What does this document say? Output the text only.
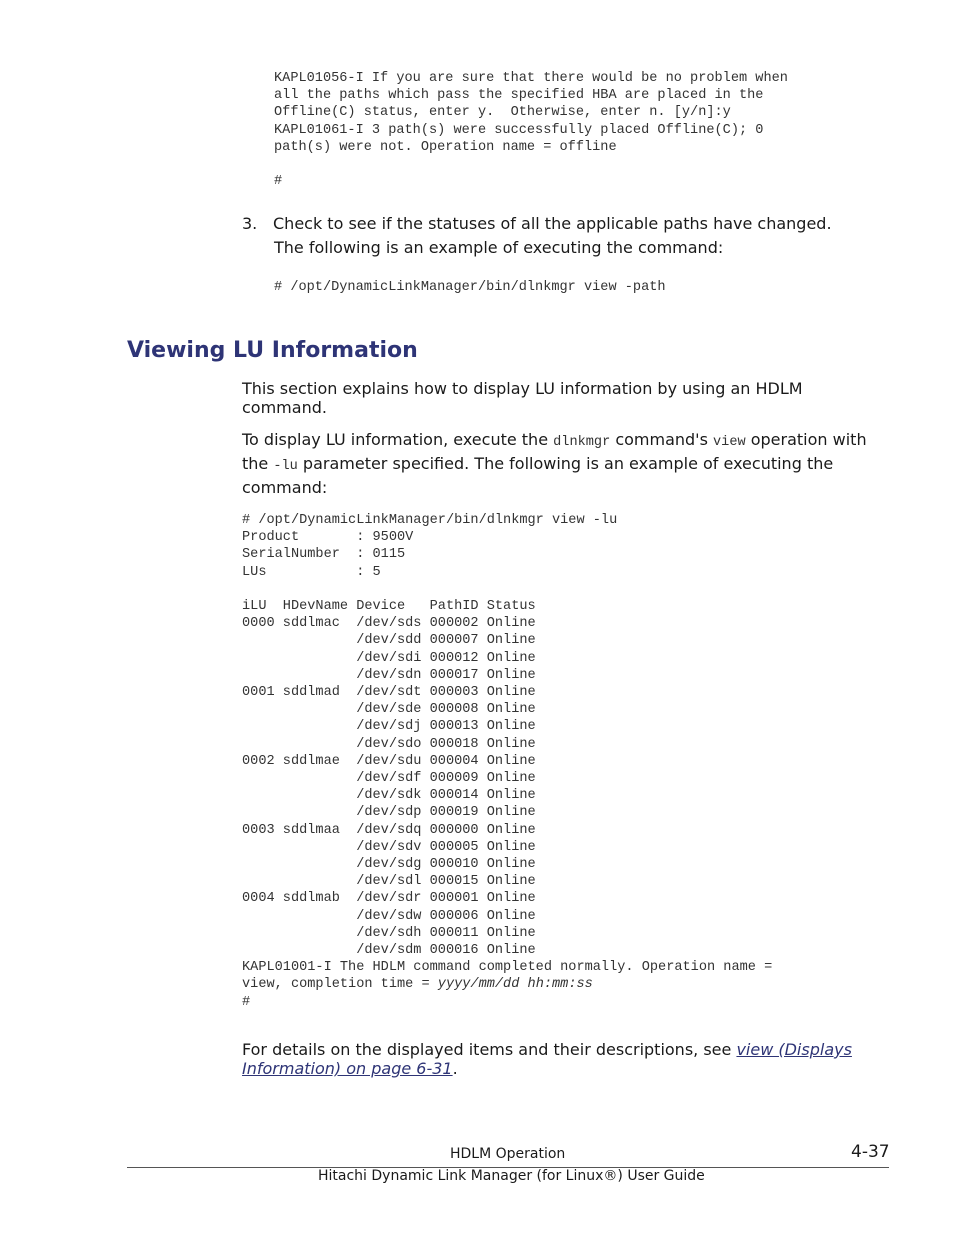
KAPL01056-I If you are sure that there would be no problem when
all the paths which pass the specified HBA are placed in the
Offline(C) status, enter y.  Otherwise, enter n. [y/n]:y
KAPL01061-I 3 path(s) were successfully placed Offline(C); 0
path(s) were not. Operation name = offline

#
3. Check to see if the statuses of all the applicable paths have changed.
The following is an example of executing the command:
# /opt/DynamicLinkManager/bin/dlnkmgr view -path
Viewing LU Information

This section explains how to display LU information by using an HDLM command.

To display LU information, execute the dlnkmgr command's view operation with the -lu parameter specified. The following is an example of executing the command:

# /opt/DynamicLinkManager/bin/dlnkmgr view -lu
Product       : 9500V
SerialNumber  : 0115
LUs           : 5

iLU  HDevName Device   PathID Status
0000 sddlmac  /dev/sds 000002 Online
/dev/sdd 000007 Online
/dev/sdi 000012 Online
/dev/sdn 000017 Online
0001 sddlmad  /dev/sdt 000003 Online
/dev/sde 000008 Online
/dev/sdj 000013 Online
/dev/sdo 000018 Online
0002 sddlmae  /dev/sdu 000004 Online
/dev/sdf 000009 Online
/dev/sdk 000014 Online
/dev/sdp 000019 Online
0003 sddlmaa  /dev/sdq 000000 Online
/dev/sdv 000005 Online
/dev/sdg 000010 Online
/dev/sdl 000015 Online
0004 sddlmab  /dev/sdr 000001 Online
/dev/sdw 000006 Online
/dev/sdh 000011 Online
/dev/sdm 000016 Online
KAPL01001-I The HDLM command completed normally. Operation name =
view, completion time = yyyy/mm/dd hh:mm:ss
#

For details on the displayed items and their descriptions, see view (Displays Information) on page 6-31.

HDLM Operation	4-37
Hitachi Dynamic Link Manager (for Linux®) User Guide
